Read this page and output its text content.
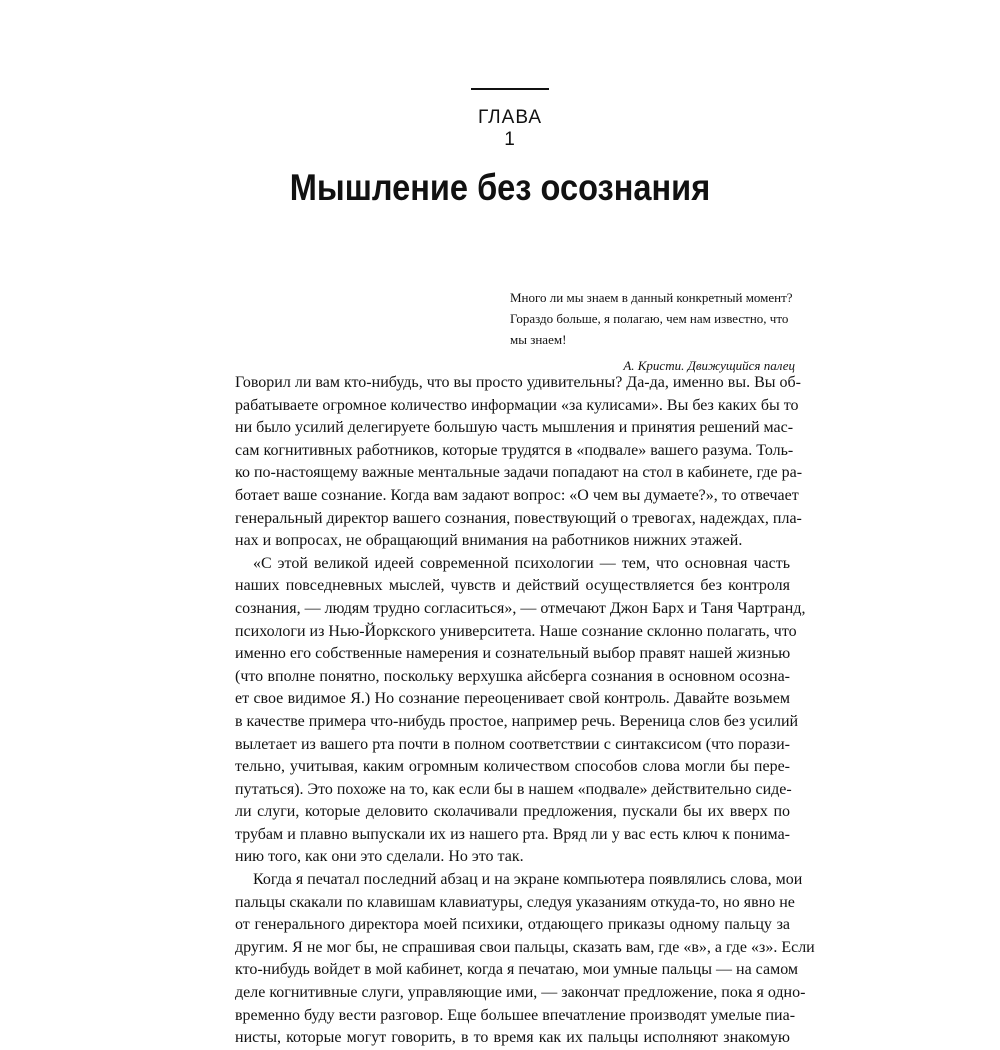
ГЛАВА 1
Мышление без осознания

Много ли мы знаем в данный конкретный момент?
Гораздо больше, я полагаю, чем нам известно, что
мы знаем!

А. Кристи. Движущийся палец

Говорил ли вам кто-нибудь, что вы просто удивительны? Да-да, именно вы. Вы об-
рабатываете огромное количество информации «за кулисами». Вы без каких бы то
ни было усилий делегируете большую часть мышления и принятия решений мас-
сам когнитивных работников, которые трудятся в «подвале» вашего разума. Толь-
ко по-настоящему важные ментальные задачи попадают на стол в кабинете, где ра-
ботает ваше сознание. Когда вам задают вопрос: «О чем вы думаете?», то отвечает
генеральный директор вашего сознания, повествующий о тревогах, надеждах, пла-
нах и вопросах, не обращающий внимания на работников нижних этажей.
«С этой великой идеей современной психологии — тем, что основная часть
наших повседневных мыслей, чувств и действий осуществляется без контроля
сознания, — людям трудно согласиться», — отмечают Джон Барх и Таня Чартранд,
психологи из Нью-Йоркского университета. Наше сознание склонно полагать, что
именно его собственные намерения и сознательный выбор правят нашей жизнью
(что вполне понятно, поскольку верхушка айсберга сознания в основном осозна-
ет свое видимое Я.) Но сознание переоценивает свой контроль. Давайте возьмем
в качестве примера что-нибудь простое, например речь. Вереница слов без усилий
вылетает из вашего рта почти в полном соответствии с синтаксисом (что порази-
тельно, учитывая, каким огромным количеством способов слова могли бы пере-
путаться). Это похоже на то, как если бы в нашем «подвале» действительно сиде-
ли слуги, которые деловито сколачивали предложения, пускали бы их вверх по
трубам и плавно выпускали их из нашего рта. Вряд ли у вас есть ключ к понима-
нию того, как они это сделали. Но это так.
Когда я печатал последний абзац и на экране компьютера появлялись слова, мои
пальцы скакали по клавишам клавиатуры, следуя указаниям откуда-то, но явно не
от генерального директора моей психики, отдающего приказы одному пальцу за
другим. Я не мог бы, не спрашивая свои пальцы, сказать вам, где «в», а где «з». Если
кто-нибудь войдет в мой кабинет, когда я печатаю, мои умные пальцы — на самом
деле когнитивные слуги, управляющие ими, — закончат предложение, пока я одно-
временно буду вести разговор. Еще большее впечатление производят умелые пиа-
нисты, которые могут говорить, в то время как их пальцы исполняют знакомую
